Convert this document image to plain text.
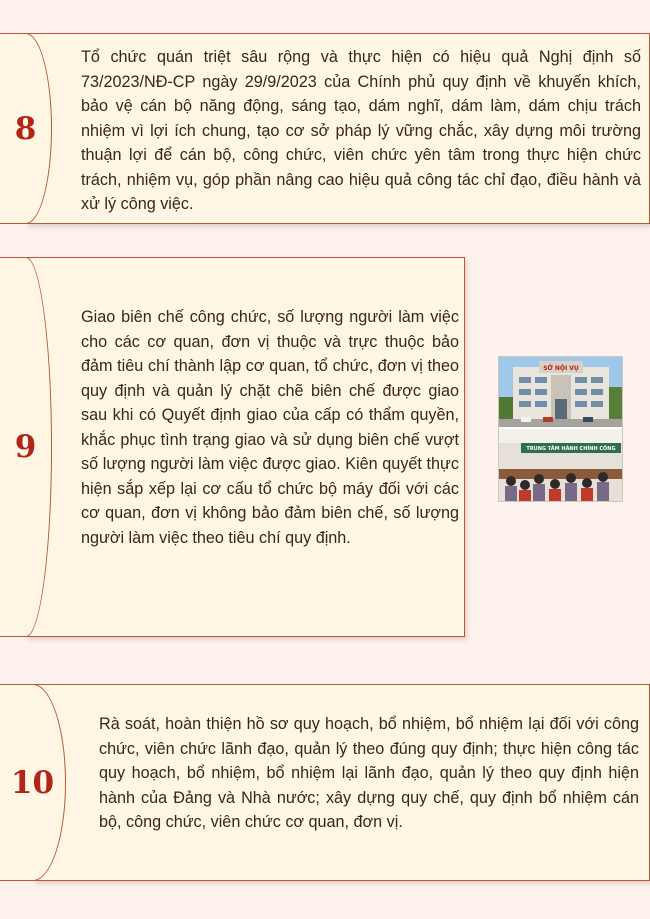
Tổ chức quán triệt sâu rộng và thực hiện có hiệu quả Nghị định số 73/2023/NĐ-CP ngày 29/9/2023 của Chính phủ quy định về khuyến khích, bảo vệ cán bộ năng động, sáng tạo, dám nghĩ, dám làm, dám chịu trách nhiệm vì lợi ích chung, tạo cơ sở pháp lý vững chắc, xây dựng môi trường thuận lợi để cán bộ, công chức, viên chức yên tâm trong thực hiện chức trách, nhiệm vụ, góp phần nâng cao hiệu quả công tác chỉ đạo, điều hành và xử lý công việc.

8

Giao biên chế công chức, số lượng người làm việc cho các cơ quan, đơn vị thuộc và trực thuộc bảo đảm tiêu chí thành lập cơ quan, tổ chức, đơn vị theo quy định và quản lý chặt chẽ biên chế được giao sau khi có Quyết định giao của cấp có thẩm quyền, khắc phục tình trạng giao và sử dụng biên chế vượt số lượng người làm việc được giao. Kiên quyết thực hiện sắp xếp lại cơ cấu tổ chức bộ máy đối với các cơ quan, đơn vị không bảo đảm biên chế, số lượng người làm việc theo tiêu chí quy định.

9
SỞ NỘI VỤ
TRUNG TÂM HÀNH CHÍNH CÔNG

Rà soát, hoàn thiện hồ sơ quy hoạch, bổ nhiệm, bổ nhiệm lại đối với công chức, viên chức lãnh đạo, quản lý theo đúng quy định; thực hiện công tác quy hoạch, bổ nhiệm, bổ nhiệm lại lãnh đạo, quản lý theo quy định hiện hành của Đảng và Nhà nước; xây dựng quy chế, quy định bổ nhiệm cán bộ, công chức, viên chức cơ quan, đơn vị.

10
